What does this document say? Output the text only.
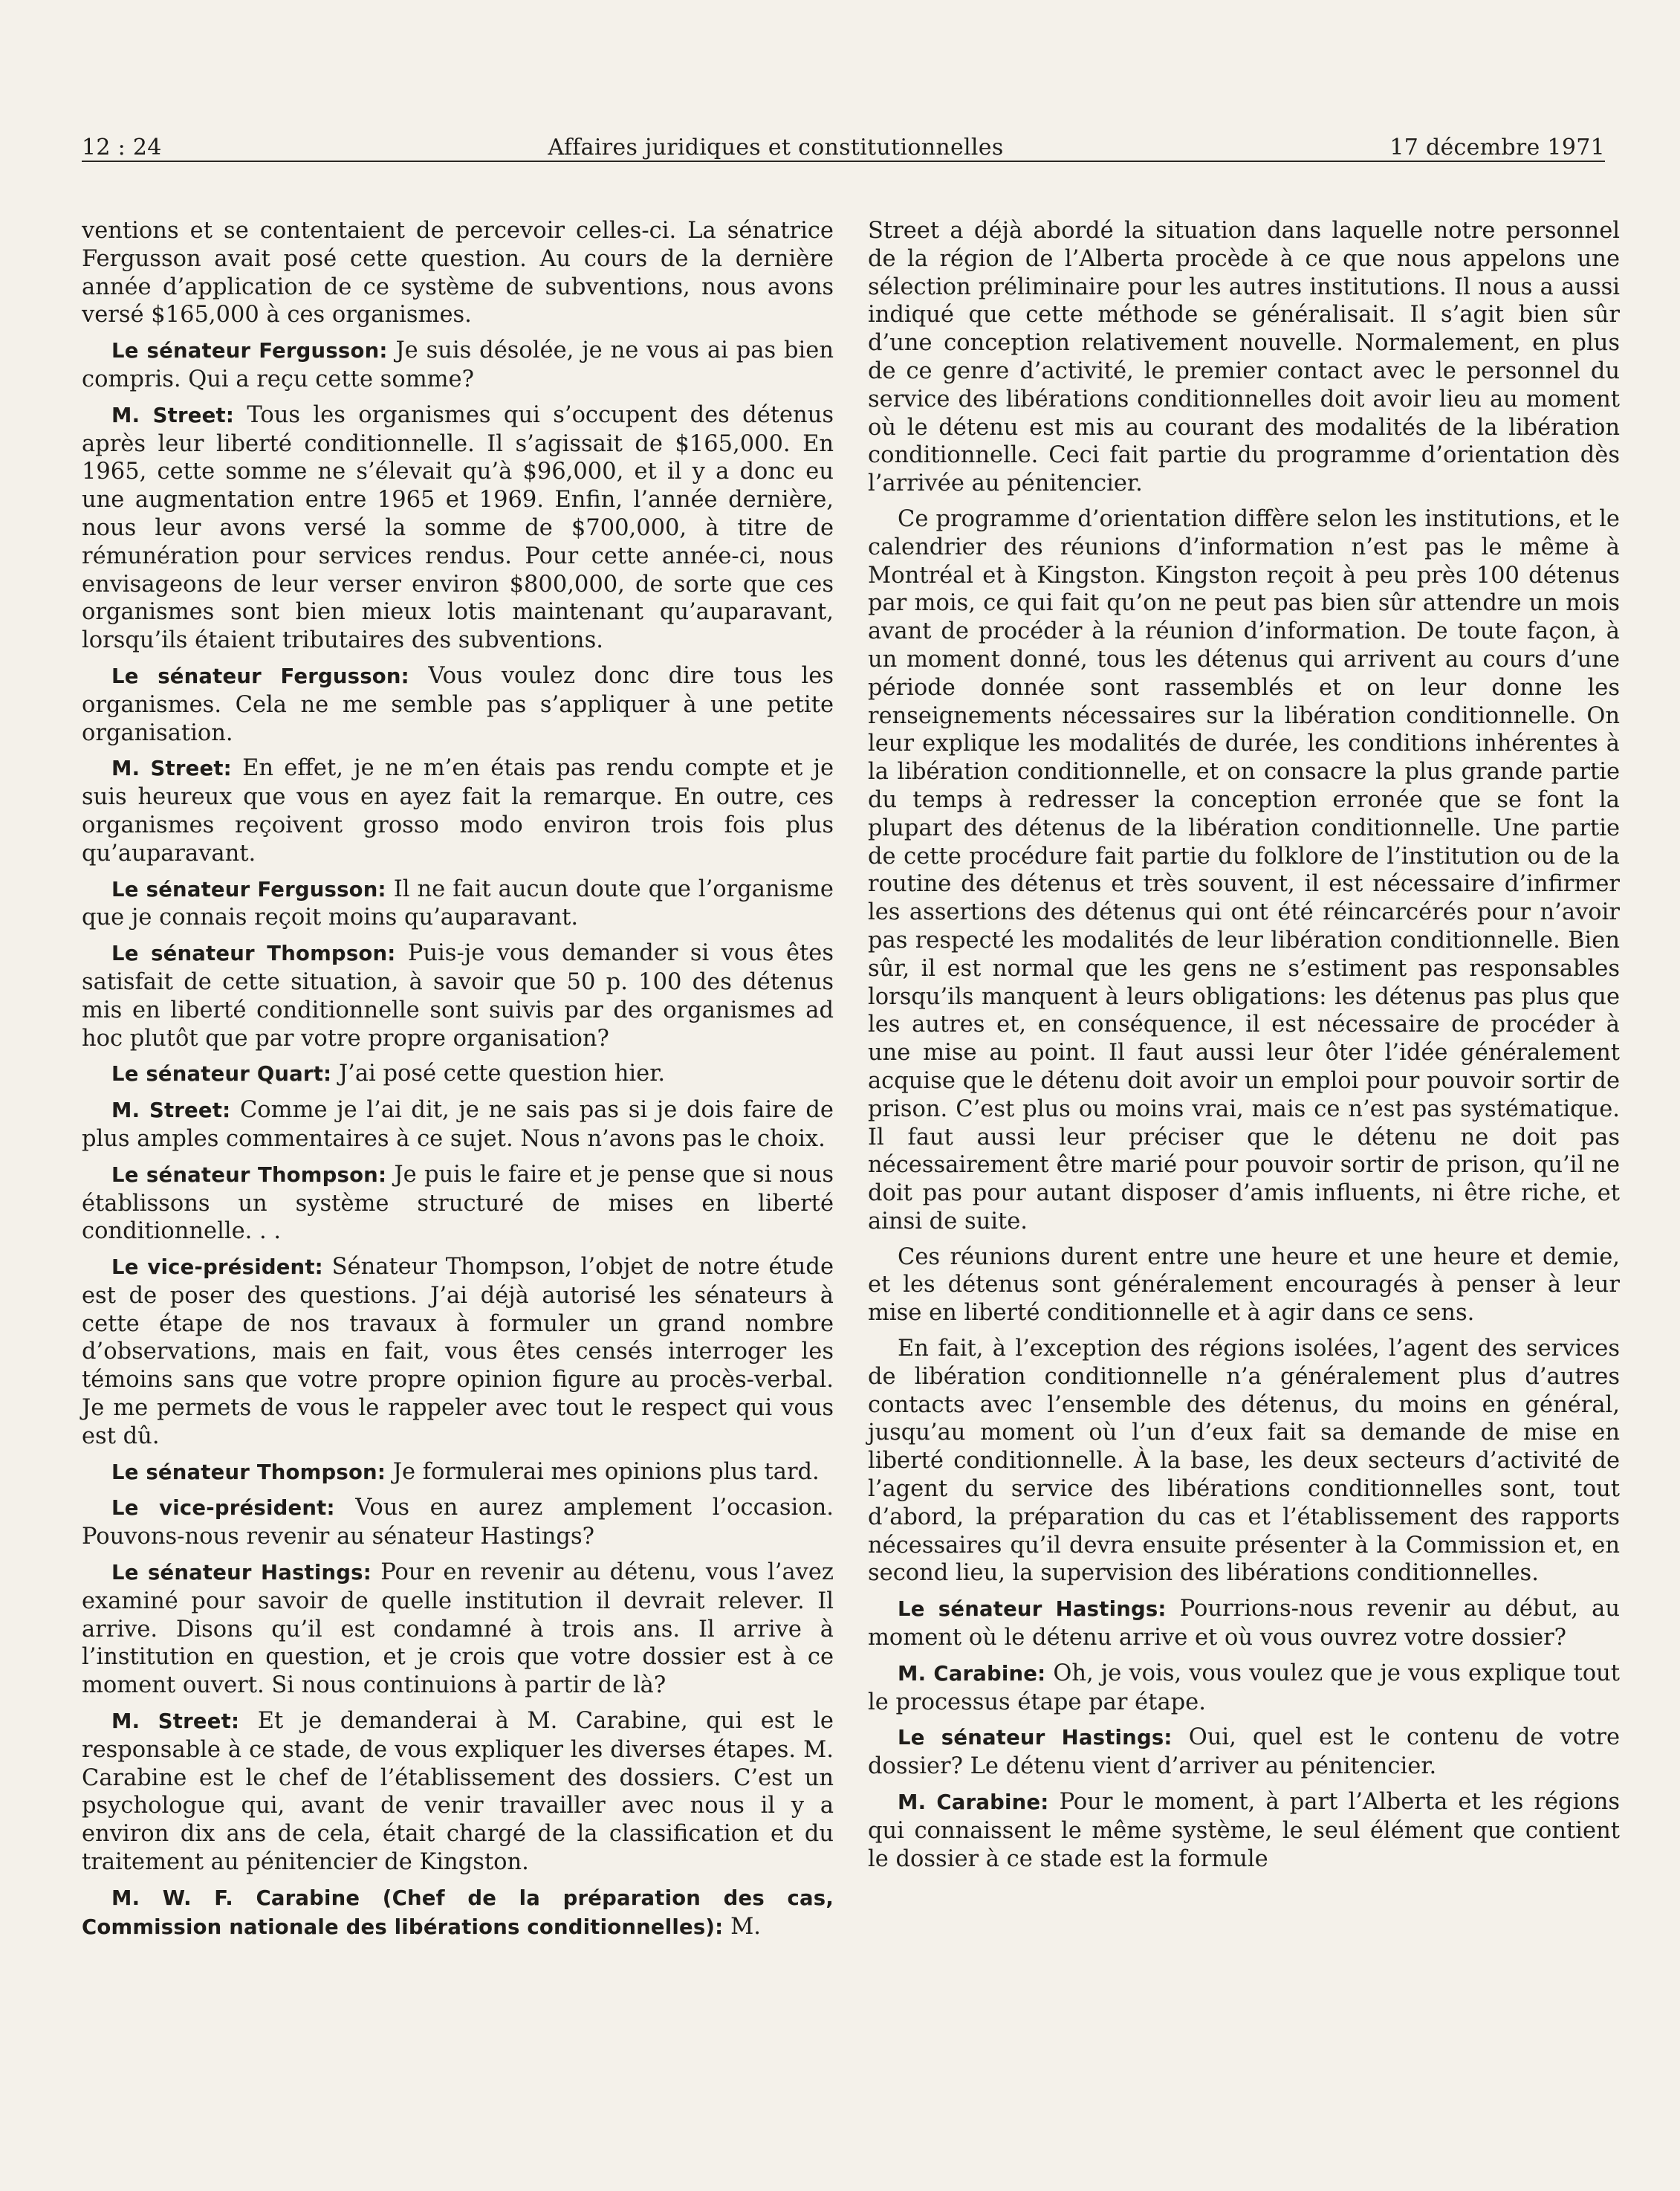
12 : 24	Affaires juridiques et constitutionnelles	17 décembre 1971

ventions et se contentaient de percevoir celles-ci. La sénatrice Fergusson avait posé cette question. Au cours de la dernière année d’application de ce système de subventions, nous avons versé $165,000 à ces organismes.

Le sénateur Fergusson: Je suis désolée, je ne vous ai pas bien compris. Qui a reçu cette somme?

M. Street: Tous les organismes qui s’occupent des détenus après leur liberté conditionnelle. Il s’agissait de $165,000. En 1965, cette somme ne s’élevait qu’à $96,000, et il y a donc eu une augmentation entre 1965 et 1969. Enfin, l’année dernière, nous leur avons versé la somme de $700,000, à titre de rémunération pour services rendus. Pour cette année-ci, nous envisageons de leur verser environ $800,000, de sorte que ces organismes sont bien mieux lotis maintenant qu’auparavant, lorsqu’ils étaient tributaires des subventions.

Le sénateur Fergusson: Vous voulez donc dire tous les organismes. Cela ne me semble pas s’appliquer à une petite organisation.

M. Street: En effet, je ne m’en étais pas rendu compte et je suis heureux que vous en ayez fait la remarque. En outre, ces organismes reçoivent grosso modo environ trois fois plus qu’auparavant.

Le sénateur Fergusson: Il ne fait aucun doute que l’organisme que je connais reçoit moins qu’auparavant.

Le sénateur Thompson: Puis-je vous demander si vous êtes satisfait de cette situation, à savoir que 50 p. 100 des détenus mis en liberté conditionnelle sont suivis par des organismes ad hoc plutôt que par votre propre organisation?

Le sénateur Quart: J’ai posé cette question hier.

M. Street: Comme je l’ai dit, je ne sais pas si je dois faire de plus amples commentaires à ce sujet. Nous n’avons pas le choix.

Le sénateur Thompson: Je puis le faire et je pense que si nous établissons un système structuré de mises en liberté conditionnelle. . .

Le vice-président: Sénateur Thompson, l’objet de notre étude est de poser des questions. J’ai déjà autorisé les sénateurs à cette étape de nos travaux à formuler un grand nombre d’observations, mais en fait, vous êtes censés interroger les témoins sans que votre propre opinion figure au procès-verbal. Je me permets de vous le rappeler avec tout le respect qui vous est dû.

Le sénateur Thompson: Je formulerai mes opinions plus tard.

Le vice-président: Vous en aurez amplement l’occasion. Pouvons-nous revenir au sénateur Hastings?

Le sénateur Hastings: Pour en revenir au détenu, vous l’avez examiné pour savoir de quelle institution il devrait relever. Il arrive. Disons qu’il est condamné à trois ans. Il arrive à l’institution en question, et je crois que votre dossier est à ce moment ouvert. Si nous continuions à partir de là?

M. Street: Et je demanderai à M. Carabine, qui est le responsable à ce stade, de vous expliquer les diverses étapes. M. Carabine est le chef de l’établissement des dossiers. C’est un psychologue qui, avant de venir travailler avec nous il y a environ dix ans de cela, était chargé de la classification et du traitement au pénitencier de Kingston.

M. W. F. Carabine (Chef de la préparation des cas, Commission nationale des libérations conditionnelles): M.

Street a déjà abordé la situation dans laquelle notre personnel de la région de l’Alberta procède à ce que nous appelons une sélection préliminaire pour les autres institutions. Il nous a aussi indiqué que cette méthode se généralisait. Il s’agit bien sûr d’une conception relativement nouvelle. Normalement, en plus de ce genre d’activité, le premier contact avec le personnel du service des libérations conditionnelles doit avoir lieu au moment où le détenu est mis au courant des modalités de la libération conditionnelle. Ceci fait partie du programme d’orientation dès l’arrivée au pénitencier.

Ce programme d’orientation diffère selon les institutions, et le calendrier des réunions d’information n’est pas le même à Montréal et à Kingston. Kingston reçoit à peu près 100 détenus par mois, ce qui fait qu’on ne peut pas bien sûr attendre un mois avant de procéder à la réunion d’information. De toute façon, à un moment donné, tous les détenus qui arrivent au cours d’une période donnée sont rassemblés et on leur donne les renseignements nécessaires sur la libération conditionnelle. On leur explique les modalités de durée, les conditions inhérentes à la libération conditionnelle, et on consacre la plus grande partie du temps à redresser la conception erronée que se font la plupart des détenus de la libération conditionnelle. Une partie de cette procédure fait partie du folklore de l’institution ou de la routine des détenus et très souvent, il est nécessaire d’infirmer les assertions des détenus qui ont été réincarcérés pour n’avoir pas respecté les modalités de leur libération conditionnelle. Bien sûr, il est normal que les gens ne s’estiment pas responsables lorsqu’ils manquent à leurs obligations: les détenus pas plus que les autres et, en conséquence, il est nécessaire de procéder à une mise au point. Il faut aussi leur ôter l’idée généralement acquise que le détenu doit avoir un emploi pour pouvoir sortir de prison. C’est plus ou moins vrai, mais ce n’est pas systématique. Il faut aussi leur préciser que le détenu ne doit pas nécessairement être marié pour pouvoir sortir de prison, qu’il ne doit pas pour autant disposer d’amis influents, ni être riche, et ainsi de suite.

Ces réunions durent entre une heure et une heure et demie, et les détenus sont généralement encouragés à penser à leur mise en liberté conditionnelle et à agir dans ce sens.

En fait, à l’exception des régions isolées, l’agent des services de libération conditionnelle n’a généralement plus d’autres contacts avec l’ensemble des détenus, du moins en général, jusqu’au moment où l’un d’eux fait sa demande de mise en liberté conditionnelle. À la base, les deux secteurs d’activité de l’agent du service des libérations conditionnelles sont, tout d’abord, la préparation du cas et l’établissement des rapports nécessaires qu’il devra ensuite présenter à la Commission et, en second lieu, la supervision des libérations conditionnelles.

Le sénateur Hastings: Pourrions-nous revenir au début, au moment où le détenu arrive et où vous ouvrez votre dossier?

M. Carabine: Oh, je vois, vous voulez que je vous explique tout le processus étape par étape.

Le sénateur Hastings: Oui, quel est le contenu de votre dossier? Le détenu vient d’arriver au pénitencier.

M. Carabine: Pour le moment, à part l’Alberta et les régions qui connaissent le même système, le seul élément que contient le dossier à ce stade est la formule
